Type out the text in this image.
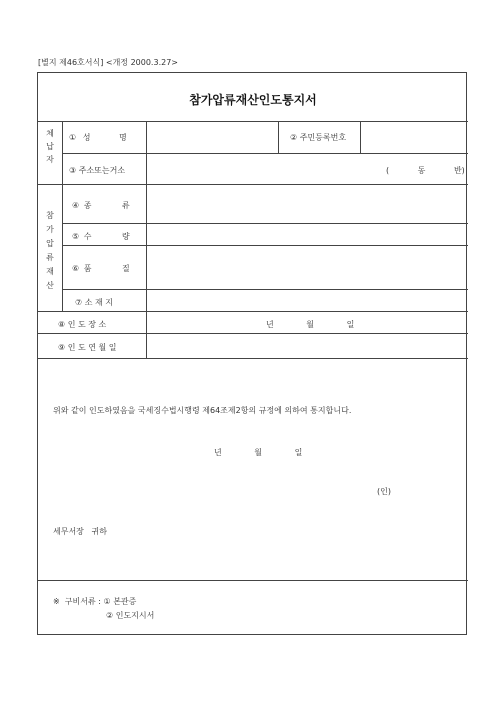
[별지 제46호서식] <개정 2000.3.27>
참가압류재산인도통지서
체
납
자
참
가
압
류
재
산
① 성	명	② 주민등록번호
③ 주소또는거소	(	동	반)
④ 종	류
⑤ 수	량
⑥ 품	질
⑦ 소 재 지
⑧ 인 도 장 소	년	월	일
⑨ 인 도 연 월 일
위와 같이 인도하였음을 국세징수법시행령 제64조제2항의 규정에 의하여 통지합니다.
년	월	일
(인)
세무서장   귀하
※  구비서류 : ① 본관증
② 인도지시서
